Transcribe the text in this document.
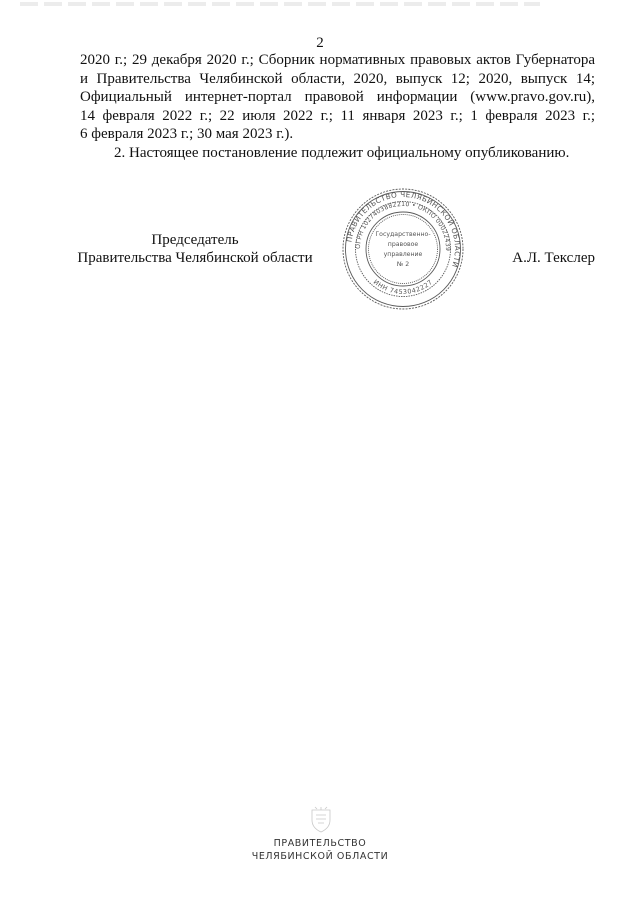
2
2020 г.; 29 декабря 2020 г.; Сборник нормативных правовых актов Губернатора
и Правительства Челябинской области, 2020, выпуск 12; 2020, выпуск 14;
Официальный интернет-портал правовой информации (www.pravo.gov.ru),
14 февраля 2022 г.; 22 июля 2022 г.; 11 января 2023 г.; 1 февраля 2023 г.;
6 февраля 2023 г.; 30 мая 2023 г.).
2. Настоящее постановление подлежит официальному опубликованию.
Председатель
Правительства Челябинской области
ПРАВИТЕЛЬСТВО ЧЕЛЯБИНСКОЙ ОБЛАСТИ
ОГРН 1027403882210 • ОКПО 00022439
ИНН 7453042227
Государственно-
правовое
управление
№ 2	А.Л. Текслер
ПРАВИТЕЛЬСТВО
ЧЕЛЯБИНСКОЙ ОБЛАСТИ
